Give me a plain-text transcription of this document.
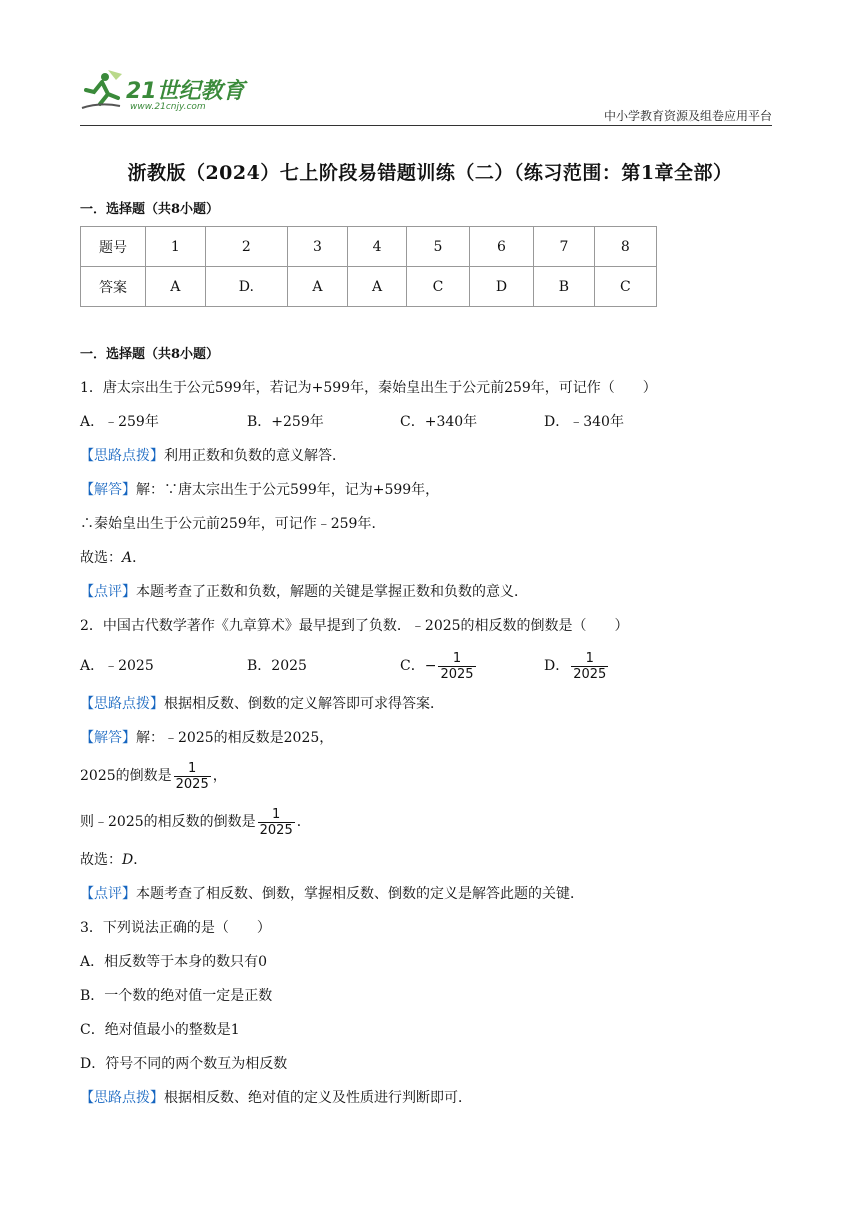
21世纪教育
www.21cnjy.com
中小学教育资源及组卷应用平台
浙教版（2024）七上阶段易错题训练（二）（练习范围：第1章全部）
一．选择题（共8小题）
题号	1	2	3	4	5	6	7	8
答案	A	D.	A	A	C	D	B	C
一．选择题（共8小题）
1．唐太宗出生于公元599年，若记为+599年，秦始皇出生于公元前259年，可记作（　　）
A．﹣259年	B．+259年	C．+340年	D．﹣340年
【思路点拨】利用正数和负数的意义解答．
【解答】解：∵唐太宗出生于公元599年，记为+599年，
∴秦始皇出生于公元前259年，可记作﹣259年．
故选：A．
【点评】本题考查了正数和负数，解题的关键是掌握正数和负数的意义．
2．中国古代数学著作《九章算术》最早提到了负数．﹣2025的相反数的倒数是（　　）
A．﹣2025	B．2025	C．− $\frac{1}{2025}$	D． $\frac{1}{2025}$
【思路点拨】根据相反数、倒数的定义解答即可求得答案．
【解答】解：﹣2025的相反数是2025，
2025的倒数是 $\frac{1}{2025}$ ，
则﹣2025的相反数的倒数是 $\frac{1}{2025}$ ．
故选：D．
【点评】本题考查了相反数、倒数，掌握相反数、倒数的定义是解答此题的关键．
3．下列说法正确的是（　　）
A．相反数等于本身的数只有0
B．一个数的绝对值一定是正数
C．绝对值最小的整数是1
D．符号不同的两个数互为相反数
【思路点拨】根据相反数、绝对值的定义及性质进行判断即可．
